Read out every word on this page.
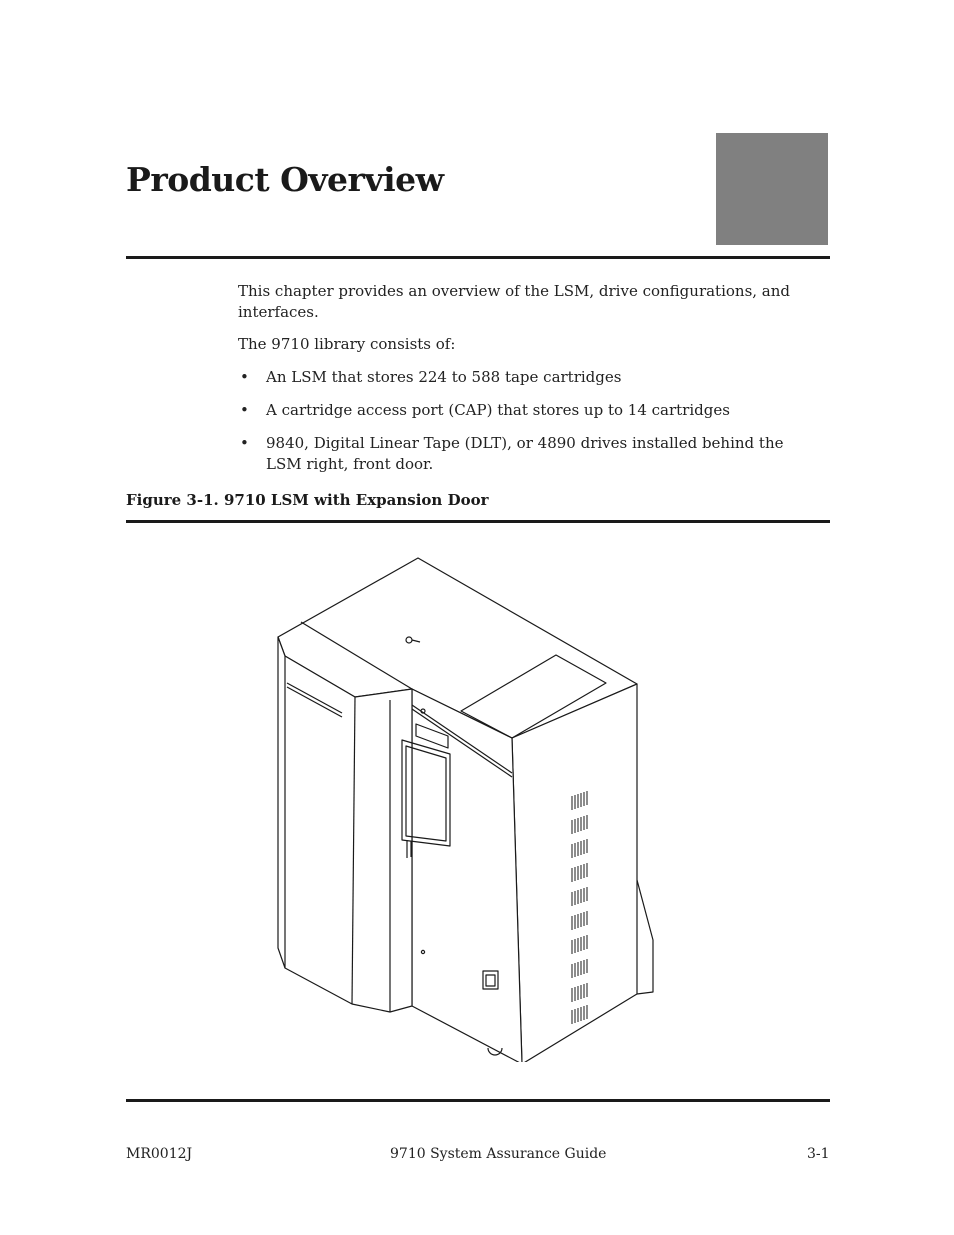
Product Overview

This chapter provides an overview of the LSM, drive configurations, and interfaces.

The 9710 library consists of:

• An LSM that stores 224 to 588 tape cartridges
• A cartridge access port (CAP) that stores up to 14 cartridges
• 9840, Digital Linear Tape (DLT), or 4890 drives installed behind the LSM right, front door.

Figure 3-1. 9710 LSM with Expansion Door

MR0012J	9710 System Assurance Guide	3-1
